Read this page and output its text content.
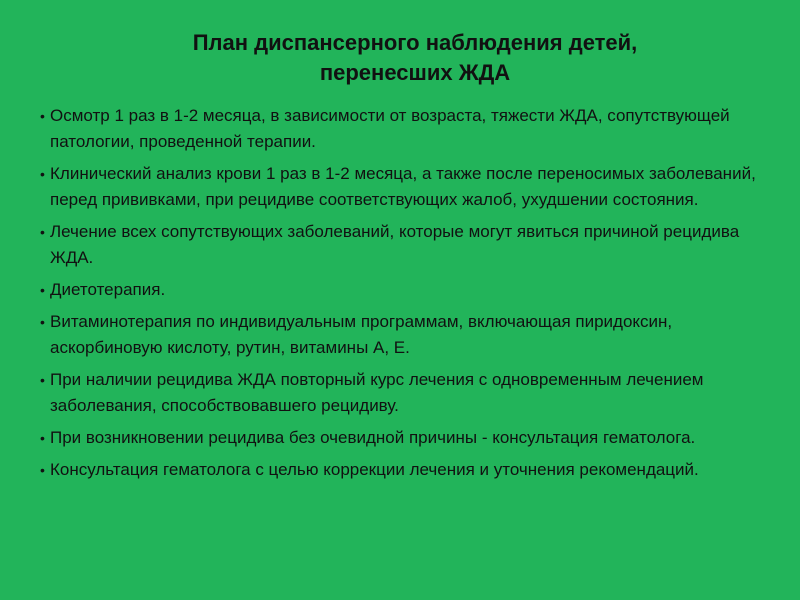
План диспансерного наблюдения детей,
перенесших ЖДА
• Осмотр 1 раз в 1-2 месяца, в зависимости от возраста, тяжести ЖДА, сопутствующей патологии, проведенной терапии.
• Клинический анализ крови 1 раз в 1-2 месяца, а также после переносимых заболеваний, перед прививками, при рецидиве соответствующих жалоб, ухудшении состояния.
• Лечение всех сопутствующих заболеваний, которые могут явиться причиной рецидива ЖДА.
• Диетотерапия.
• Витаминотерапия по индивидуальным программам, включающая пиридоксин, аскорбиновую кислоту, рутин, витамины А, Е.
• При наличии рецидива ЖДА повторный курс лечения с одновременным лечением заболевания, способствовавшего рецидиву.
• При возникновении рецидива без очевидной причины - консультация гематолога.
• Консультация гематолога с целью коррекции лечения и уточнения рекомендаций.
